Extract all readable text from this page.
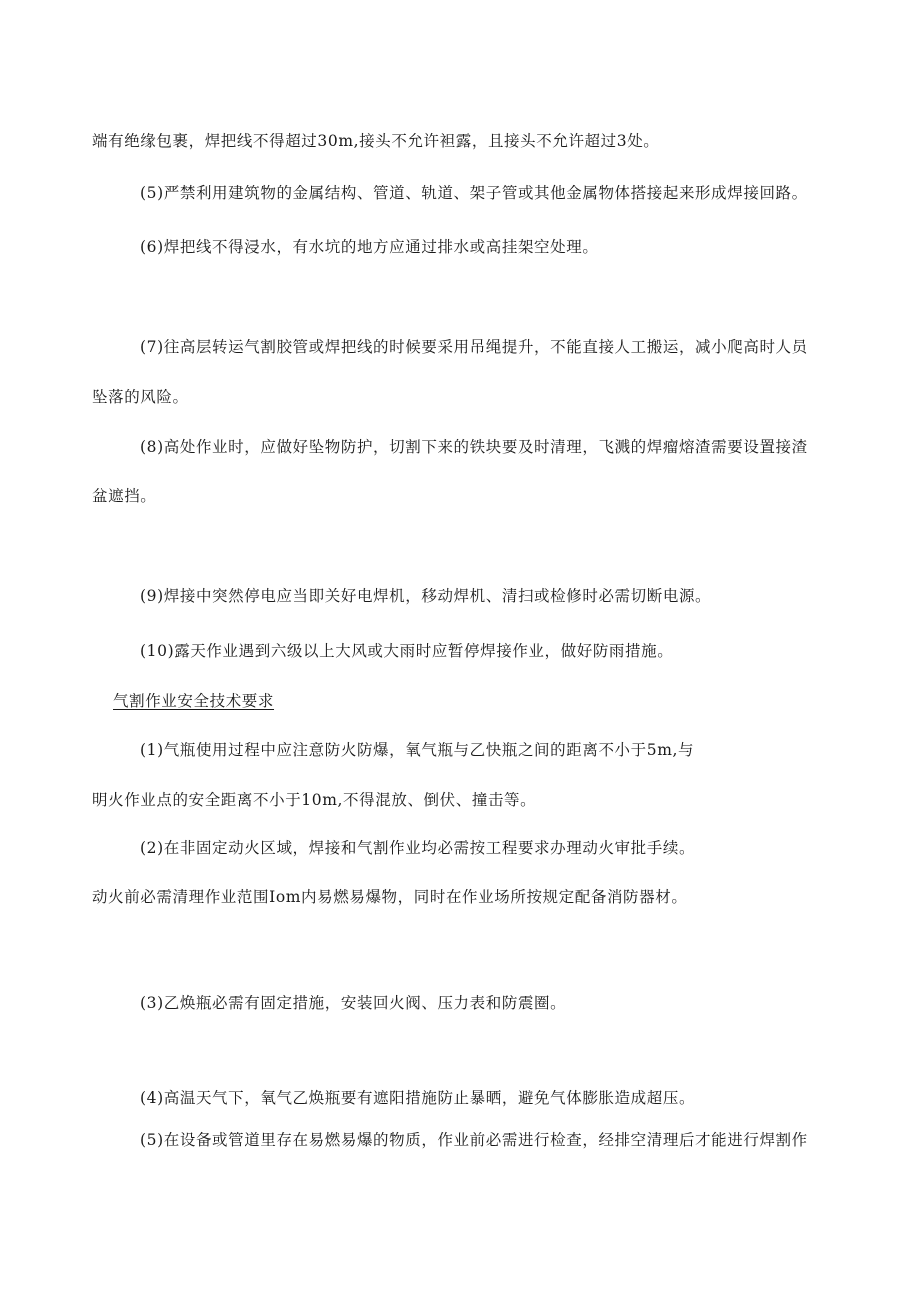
端有绝缘包裹，焊把线不得超过30m,接头不允许袒露，且接头不允许超过3处。
(5)严禁利用建筑物的金属结构、管道、轨道、架子管或其他金属物体搭接起来形成焊接回路。
(6)焊把线不得浸水，有水坑的地方应通过排水或高挂架空处理。
(7)往高层转运气割胶管或焊把线的时候要采用吊绳提升，不能直接人工搬运，减小爬高时人员
坠落的风险。
(8)高处作业时，应做好坠物防护，切割下来的铁块要及时清理，飞溅的焊瘤熔渣需要设置接渣
盆遮挡。
(9)焊接中突然停电应当即关好电焊机，移动焊机、清扫或检修时必需切断电源。
(10)露天作业遇到六级以上大风或大雨时应暂停焊接作业，做好防雨措施。
气割作业安全技术要求
(1)气瓶使用过程中应注意防火防爆，氧气瓶与乙快瓶之间的距离不小于5m,与
明火作业点的安全距离不小于10m,不得混放、倒伏、撞击等。
(2)在非固定动火区域，焊接和气割作业均必需按工程要求办理动火审批手续。
动火前必需清理作业范围Iom内易燃易爆物，同时在作业场所按规定配备消防器材。
(3)乙焕瓶必需有固定措施，安装回火阀、压力表和防震圈。
(4)高温天气下，氧气乙焕瓶要有遮阳措施防止暴晒，避免气体膨胀造成超压。
(5)在设备或管道里存在易燃易爆的物质，作业前必需进行检查，经排空清理后才能进行焊割作
